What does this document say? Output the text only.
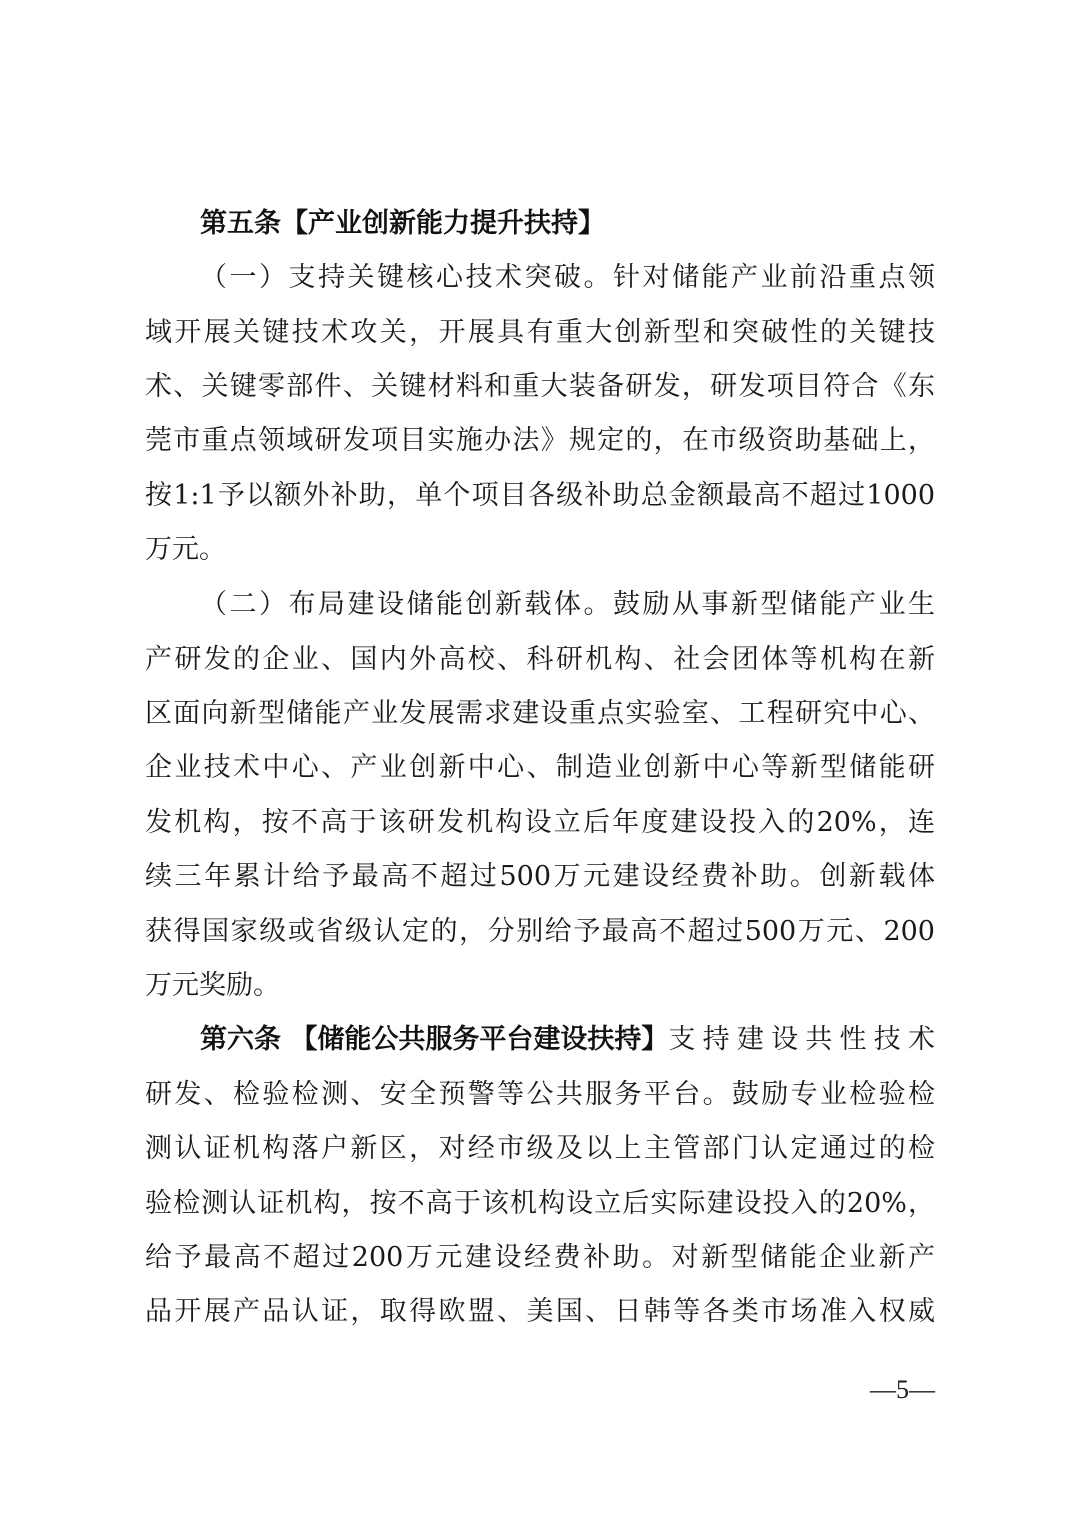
第五条【产业创新能力提升扶持】
（一）支持关键核心技术突破。针对储能产业前沿重点领
域开展关键技术攻关，开展具有重大创新型和突破性的关键技
术、关键零部件、关键材料和重大装备研发，研发项目符合《东
莞市重点领域研发项目实施办法》规定的，在市级资助基础上，
按1:1予以额外补助，单个项目各级补助总金额最高不超过1000
万元。
（二）布局建设储能创新载体。鼓励从事新型储能产业生
产研发的企业、国内外高校、科研机构、社会团体等机构在新
区面向新型储能产业发展需求建设重点实验室、工程研究中心、
企业技术中心、产业创新中心、制造业创新中心等新型储能研
发机构，按不高于该研发机构设立后年度建设投入的20%，连
续三年累计给予最高不超过500万元建设经费补助。创新载体
获得国家级或省级认定的，分别给予最高不超过500万元、200
万元奖励。
第六条 【储能公共服务平台建设扶持】 支持建设共性技术
研发、检验检测、安全预警等公共服务平台。鼓励专业检验检
测认证机构落户新区，对经市级及以上主管部门认定通过的检
验检测认证机构，按不高于该机构设立后实际建设投入的20%，
给予最高不超过200万元建设经费补助。对新型储能企业新产
品开展产品认证，取得欧盟、美国、日韩等各类市场准入权威
—5—
